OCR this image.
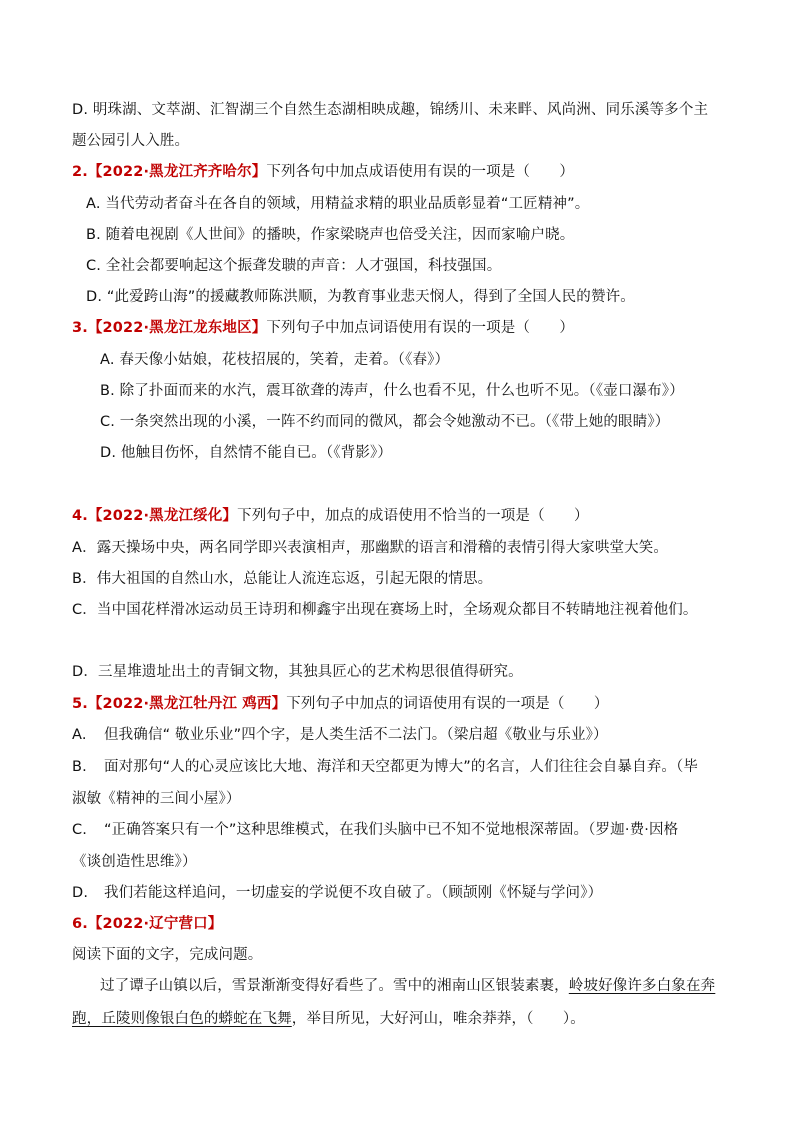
D. 明珠湖、文萃湖、汇智湖三个自然生态湖相映成趣，锦绣川、未来畔、风尚洲、同乐溪等多个主
题公园引人入胜。
2.【2022·黑龙江齐齐哈尔】下列各句中加点成语使用有误的一项是（　　）
A. 当代劳动者奋斗在各自的领域，用精益求精的职业品质彰显着“工匠精神”。
B. 随着电视剧《人世间》的播映，作家梁晓声也倍受关注，因而家喻户晓。
C. 全社会都要响起这个振聋发聩的声音：人才强国，科技强国。
D. “此爱跨山海”的援藏教师陈洪顺，为教育事业悲天悯人，得到了全国人民的赞许。
3.【2022·黑龙江龙东地区】下列句子中加点词语使用有误的一项是（　　）
A. 春天像小姑娘，花枝招展的，笑着，走着。（《春》）
B. 除了扑面而来的水汽，震耳欲聋的涛声，什么也看不见，什么也听不见。（《壶口瀑布》）
C. 一条突然出现的小溪，一阵不约而同的微风，都会令她激动不已。（《带上她的眼睛》）
D. 他触目伤怀，自然情不能自已。（《背影》）
4.【2022·黑龙江绥化】下列句子中，加点的成语使用不恰当的一项是（　　）
A．露天操场中央，两名同学即兴表演相声，那幽默的语言和滑稽的表情引得大家哄堂大笑。
B．伟大祖国的自然山水，总能让人流连忘返，引起无限的情思。
C．当中国花样滑冰运动员王诗玥和柳鑫宇出现在赛场上时，全场观众都目不转睛地注视着他们。
D．三星堆遗址出土的青铜文物，其独具匠心的艺术构思很值得研究。
5.【2022·黑龙江牡丹江 鸡西】下列句子中加点的词语使用有误的一项是（　　）
A. 但我确信“ 敬业乐业”四个字，是人类生活不二法门。（梁启超《敬业与乐业》）
B. 面对那句“人的心灵应该比大地、海洋和天空都更为博大”的名言，人们往往会自暴自弃。（毕
淑敏《精神的三间小屋》）
C. “正确答案只有一个”这种思维模式，在我们头脑中已不知不觉地根深蒂固。（罗迦·费·因格
《谈创造性思维》）
D. 我们若能这样追问，一切虚妄的学说便不攻自破了。（顾颉刚《怀疑与学问》）
6.【2022·辽宁营口】
阅读下面的文字，完成问题。
过了谭子山镇以后，雪景渐渐变得好看些了。雪中的湘南山区银装素裹，岭坡好像许多白象在奔
跑，丘陵则像银白色的蟒蛇在飞舞，举目所见，大好河山，唯余莽莽，（　　）。
